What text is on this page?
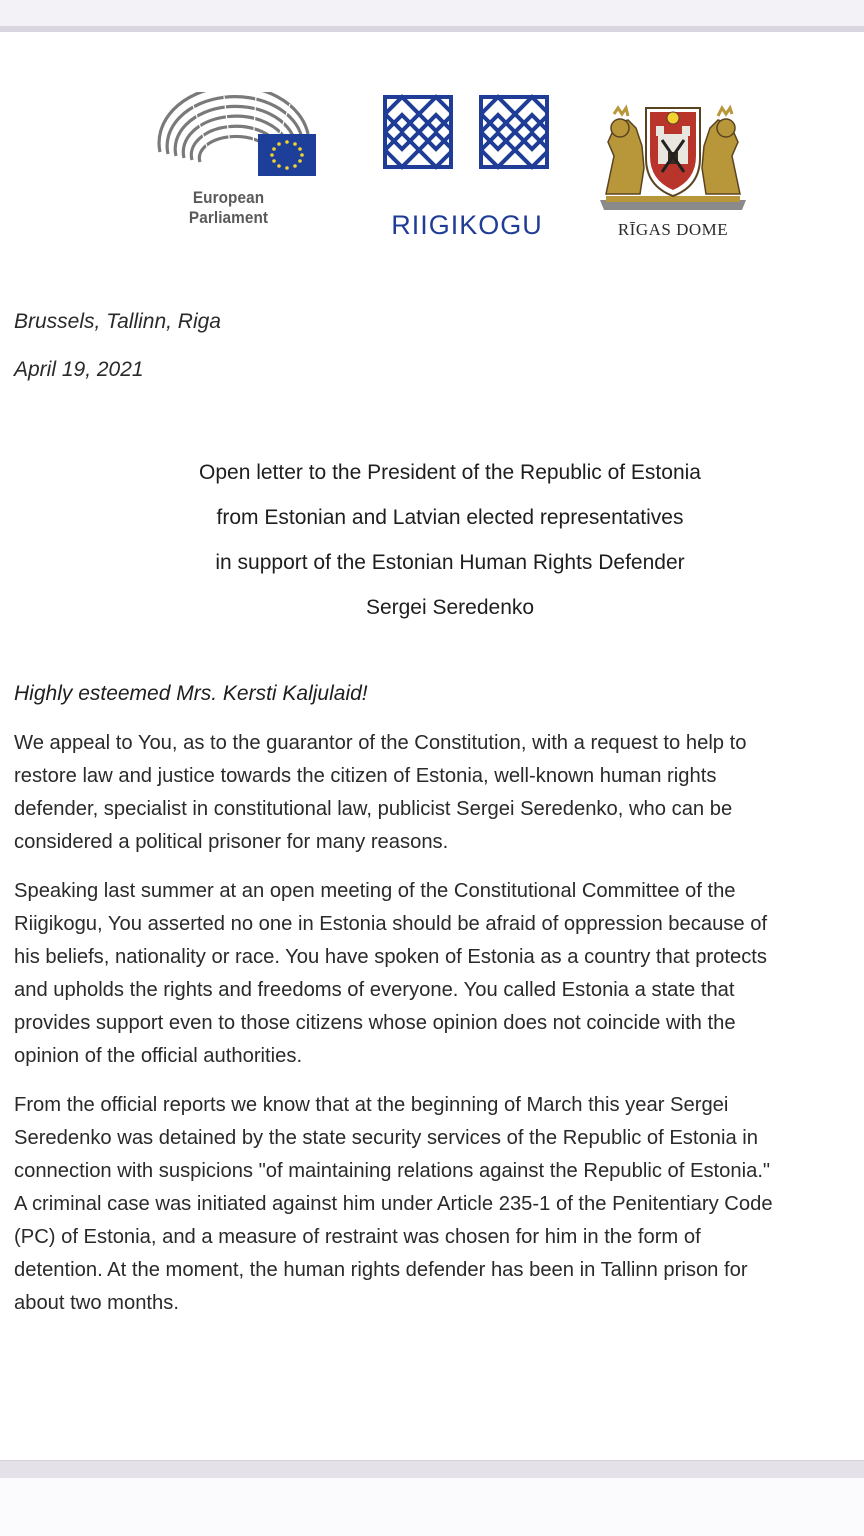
European Parliament	RIIGIKOGU	RĪGAS DOME
Brussels, Tallinn, Riga
April 19, 2021
Open letter to the President of the Republic of Estonia
from Estonian and Latvian elected representatives
in support of the Estonian Human Rights Defender
Sergei Seredenko
Highly esteemed Mrs. Kersti Kaljulaid!

We appeal to You, as to the guarantor of the Constitution, with a request to help to
restore law and justice towards the citizen of Estonia, well-known human rights
defender, specialist in constitutional law, publicist Sergei Seredenko, who can be
considered a political prisoner for many reasons.

Speaking last summer at an open meeting of the Constitutional Committee of the
Riigikogu, You asserted no one in Estonia should be afraid of oppression because of
his beliefs, nationality or race. You have spoken of Estonia as a country that protects
and upholds the rights and freedoms of everyone. You called Estonia a state that
provides support even to those citizens whose opinion does not coincide with the
opinion of the official authorities.

From the official reports we know that at the beginning of March this year Sergei
Seredenko was detained by the state security services of the Republic of Estonia in
connection with suspicions "of maintaining relations against the Republic of Estonia."
A criminal case was initiated against him under Article 235-1 of the Penitentiary Code
(PC) of Estonia, and a measure of restraint was chosen for him in the form of
detention. At the moment, the human rights defender has been in Tallinn prison for
about two months.
